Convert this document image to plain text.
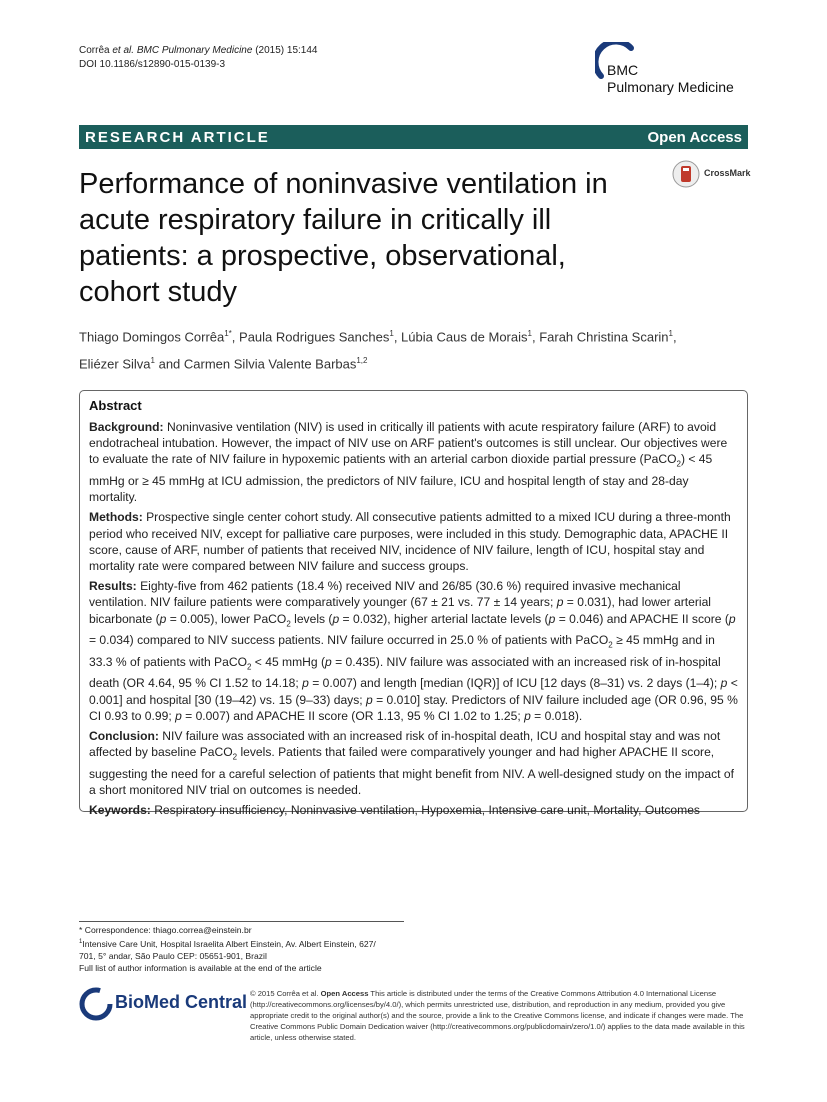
Corrêa et al. BMC Pulmonary Medicine (2015) 15:144
DOI 10.1186/s12890-015-0139-3	BMC
Pulmonary Medicine
RESEARCH ARTICLE	Open Access
Performance of noninvasive ventilation in
acute respiratory failure in critically ill
patients: a prospective, observational,
cohort study
CrossMark
Thiago Domingos Corrêa$^{1*}$, Paula Rodrigues Sanches$^1$, Lúbia Caus de Morais$^1$, Farah Christina Scarin$^1$,
Eliézer Silva$^1$ and Carmen Silvia Valente Barbas$^{1,2}$
Abstract

Background: Noninvasive ventilation (NIV) is used in critically ill patients with acute respiratory failure (ARF) to avoid endotracheal intubation. However, the impact of NIV use on ARF patient's outcomes is still unclear. Our objectives were to evaluate the rate of NIV failure in hypoxemic patients with an arterial carbon dioxide partial pressure (PaCO$_2$) < 45 mmHg or ≥ 45 mmHg at ICU admission, the predictors of NIV failure, ICU and hospital length of stay and 28-day mortality.

Methods: Prospective single center cohort study. All consecutive patients admitted to a mixed ICU during a three-month period who received NIV, except for palliative care purposes, were included in this study. Demographic data, APACHE II score, cause of ARF, number of patients that received NIV, incidence of NIV failure, length of ICU, hospital stay and mortality rate were compared between NIV failure and success groups.

Results: Eighty-five from 462 patients (18.4 %) received NIV and 26/85 (30.6 %) required invasive mechanical ventilation. NIV failure patients were comparatively younger (67 ± 21 vs. 77 ± 14 years; p = 0.031), had lower arterial bicarbonate (p = 0.005), lower PaCO$_2$ levels (p = 0.032), higher arterial lactate levels (p = 0.046) and APACHE II score (p = 0.034) compared to NIV success patients. NIV failure occurred in 25.0 % of patients with PaCO$_2$ ≥ 45 mmHg and in 33.3 % of patients with PaCO$_2$ < 45 mmHg (p = 0.435). NIV failure was associated with an increased risk of in-hospital death (OR 4.64, 95 % CI 1.52 to 14.18; p = 0.007) and length [median (IQR)] of ICU [12 days (8–31) vs. 2 days (1–4); p < 0.001] and hospital [30 (19–42) vs. 15 (9–33) days; p = 0.010] stay. Predictors of NIV failure included age (OR 0.96, 95 % CI 0.93 to 0.99; p = 0.007) and APACHE II score (OR 1.13, 95 % CI 1.02 to 1.25; p = 0.018).

Conclusion: NIV failure was associated with an increased risk of in-hospital death, ICU and hospital stay and was not affected by baseline PaCO$_2$ levels. Patients that failed were comparatively younger and had higher APACHE II score, suggesting the need for a careful selection of patients that might benefit from NIV. A well-designed study on the impact of a short monitored NIV trial on outcomes is needed.

Keywords: Respiratory insufficiency, Noninvasive ventilation, Hypoxemia, Intensive care unit, Mortality, Outcomes

* Correspondence: thiago.correa@einstein.br
$^1$Intensive Care Unit, Hospital Israelita Albert Einstein, Av. Albert Einstein, 627/
701, 5° andar, São Paulo CEP: 05651-901, Brazil
Full list of author information is available at the end of the article
BioMed Central © 2015 Corrêa et al. Open Access This article is distributed under the terms of the Creative Commons Attribution 4.0 International License (http://creativecommons.org/licenses/by/4.0/), which permits unrestricted use, distribution, and reproduction in any medium, provided you give appropriate credit to the original author(s) and the source, provide a link to the Creative Commons license, and indicate if changes were made. The Creative Commons Public Domain Dedication waiver (http://creativecommons.org/publicdomain/zero/1.0/) applies to the data made available in this article, unless otherwise stated.
